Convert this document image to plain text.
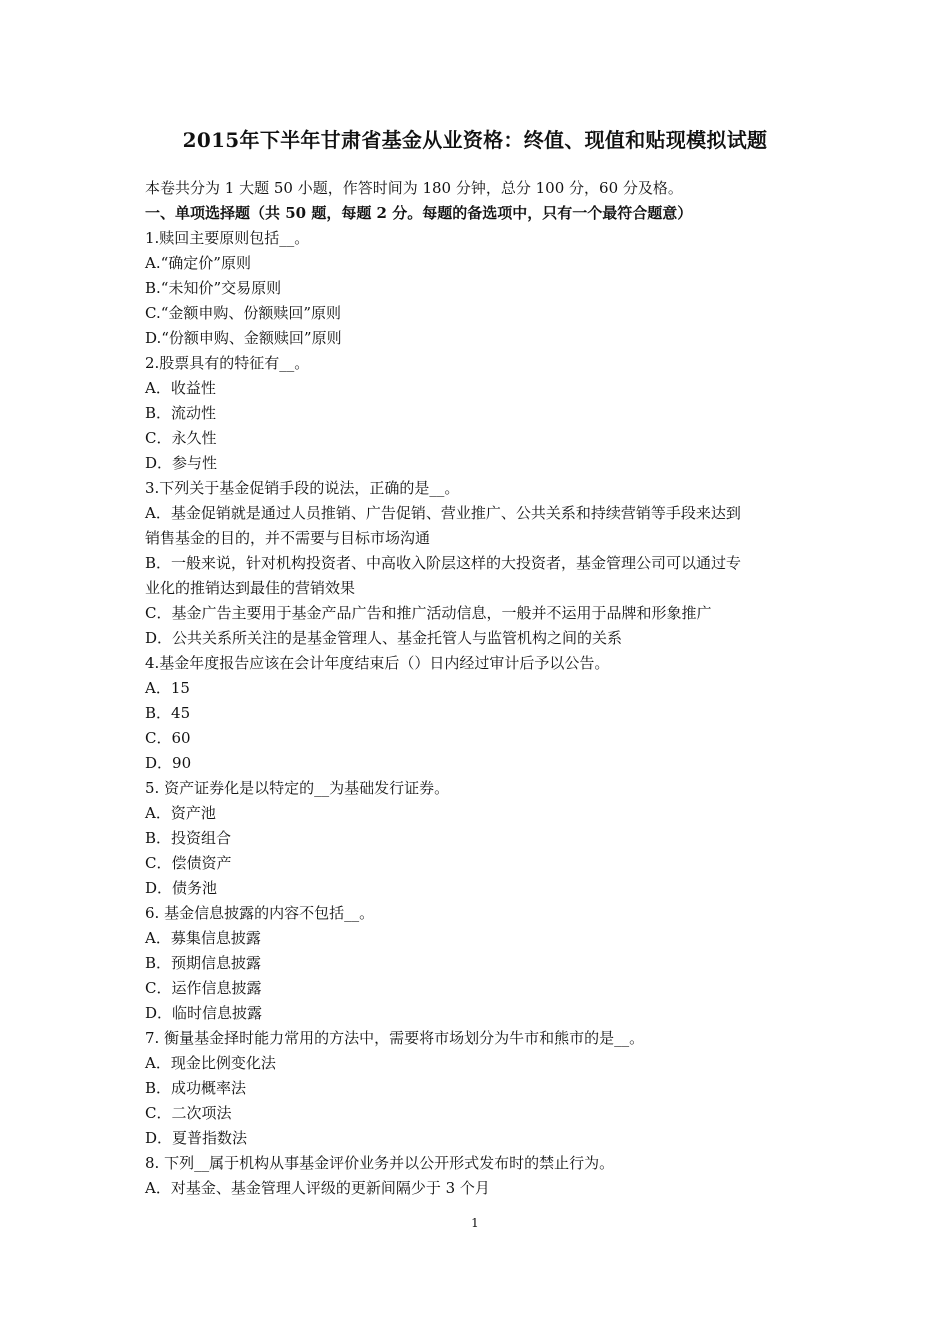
2015年下半年甘肃省基金从业资格：终值、现值和贴现模拟试题
本卷共分为 1 大题 50 小题，作答时间为 180 分钟，总分 100 分，60 分及格。
一、单项选择题（共 50 题，每题 2 分。每题的备选项中，只有一个最符合题意）
1.赎回主要原则包括__。
A.“确定价”原则
B.“未知价”交易原则
C.“金额申购、份额赎回”原则
D.“份额申购、金额赎回”原则
2.股票具有的特征有__。
A．收益性
B．流动性
C．永久性
D．参与性
3.下列关于基金促销手段的说法，正确的是__。
A．基金促销就是通过人员推销、广告促销、营业推广、公共关系和持续营销等手段来达到
销售基金的目的，并不需要与目标市场沟通
B．一般来说，针对机构投资者、中高收入阶层这样的大投资者，基金管理公司可以通过专
业化的推销达到最佳的营销效果
C．基金广告主要用于基金产品广告和推广活动信息，一般并不运用于品牌和形象推广
D．公共关系所关注的是基金管理人、基金托管人与监管机构之间的关系
4.基金年度报告应该在会计年度结束后（）日内经过审计后予以公告。
A．15
B．45
C．60
D．90
5. 资产证券化是以特定的__为基础发行证券。
A．资产池
B．投资组合
C．偿债资产
D．债务池
6. 基金信息披露的内容不包括__。
A．募集信息披露
B．预期信息披露
C．运作信息披露
D．临时信息披露
7. 衡量基金择时能力常用的方法中，需要将市场划分为牛市和熊市的是__。
A．现金比例变化法
B．成功概率法
C．二次项法
D．夏普指数法
8. 下列__属于机构从事基金评价业务并以公开形式发布时的禁止行为。
A．对基金、基金管理人评级的更新间隔少于 3 个月
1
